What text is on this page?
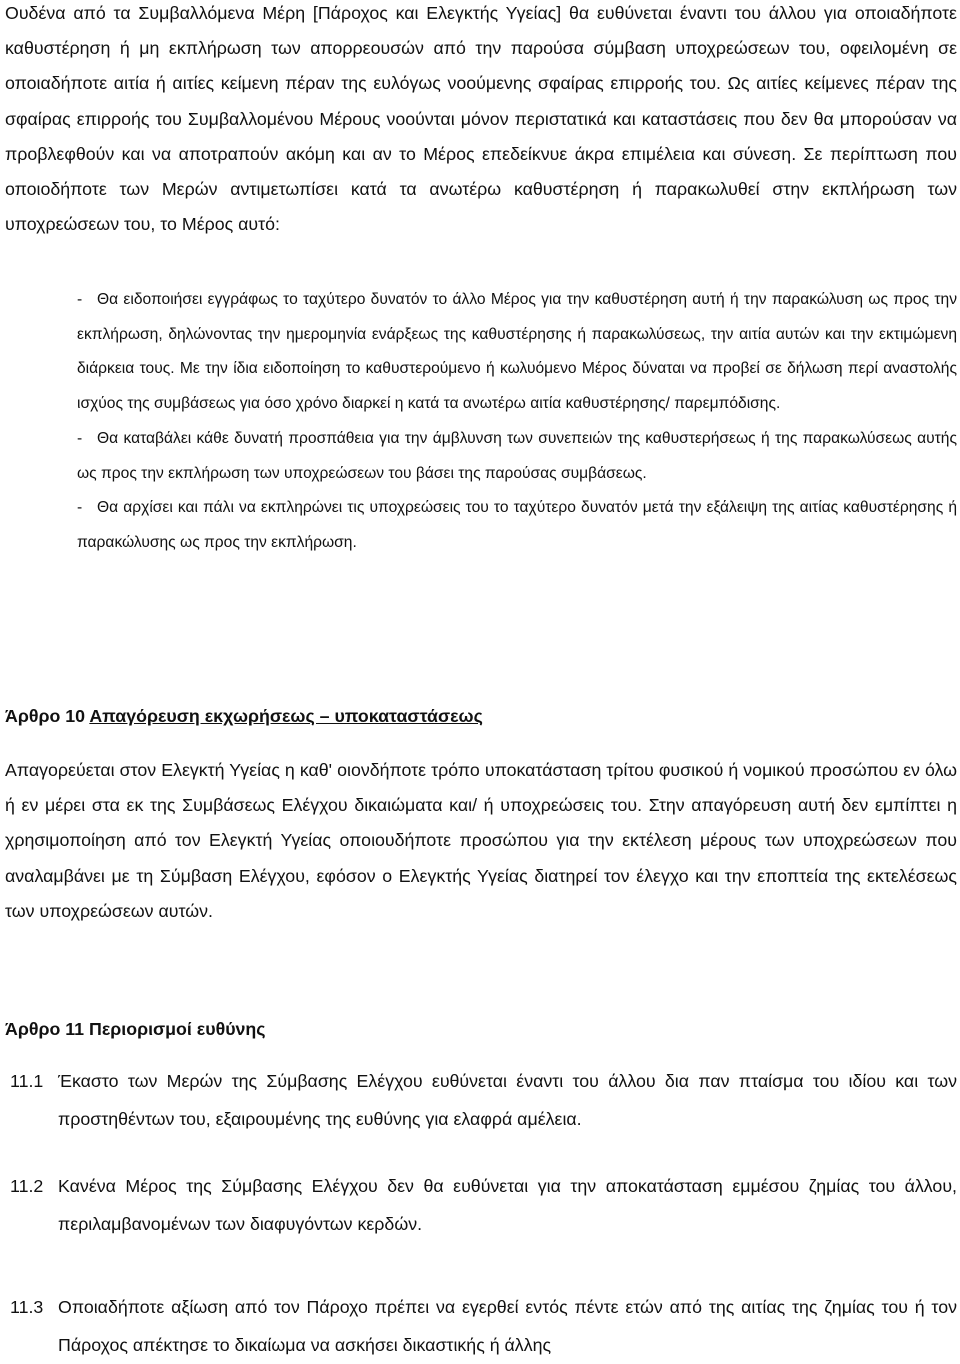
Ουδένα από τα Συμβαλλόμενα Μέρη [Πάροχος και Ελεγκτής Υγείας] θα ευθύνεται έναντι του άλλου για οποιαδήποτε καθυστέρηση ή μη εκπλήρωση των απορρεουσών από την παρούσα σύμβαση υποχρεώσεων του, οφειλομένη σε οποιαδήποτε αιτία ή αιτίες κείμενη πέραν της ευλόγως νοούμενης σφαίρας επιρροής του. Ως αιτίες κείμενες πέραν της σφαίρας επιρροής του Συμβαλλομένου Μέρους νοούνται μόνον περιστατικά και καταστάσεις που δεν θα μπορούσαν να προβλεφθούν και να αποτραπούν ακόμη και αν το Μέρος επεδείκνυε άκρα επιμέλεια και σύνεση. Σε περίπτωση που οποιοδήποτε των Μερών αντιμετωπίσει κατά τα ανωτέρω καθυστέρηση ή παρακωλυθεί στην εκπλήρωση των υποχρεώσεων του, το Μέρος αυτό:

- Θα ειδοποιήσει εγγράφως το ταχύτερο δυνατόν το άλλο Μέρος για την καθυστέρηση αυτή ή την παρακώλυση ως προς την εκπλήρωση, δηλώνοντας την ημερομηνία ενάρξεως της καθυστέρησης ή παρακωλύσεως, την αιτία αυτών και την εκτιμώμενη διάρκεια τους. Με την ίδια ειδοποίηση το καθυστερούμενο ή κωλυόμενο Μέρος δύναται να προβεί σε δήλωση περί αναστολής ισχύος της συμβάσεως για όσο χρόνο διαρκεί η κατά τα ανωτέρω αιτία καθυστέρησης/ παρεμπόδισης.
- Θα καταβάλει κάθε δυνατή προσπάθεια για την άμβλυνση των συνεπειών της καθυστερήσεως ή της παρακωλύσεως αυτής ως προς την εκπλήρωση των υποχρεώσεων του βάσει της παρούσας συμβάσεως.
- Θα αρχίσει και πάλι να εκπληρώνει τις υποχρεώσεις του το ταχύτερο δυνατόν μετά την εξάλειψη της αιτίας καθυστέρησης ή παρακώλυσης ως προς την εκπλήρωση.
Άρθρο 10 Απαγόρευση εκχωρήσεως – υποκαταστάσεως

Απαγορεύεται στον Ελεγκτή Υγείας η καθ' οιονδήποτε τρόπο υποκατάσταση τρίτου φυσικού ή νομικού προσώπου εν όλω ή εν μέρει στα εκ της Συμβάσεως Ελέγχου δικαιώματα και/ ή υποχρεώσεις του. Στην απαγόρευση αυτή δεν εμπίπτει η χρησιμοποίηση από τον Ελεγκτή Υγείας οποιουδήποτε προσώπου για την εκτέλεση μέρους των υποχρεώσεων που αναλαμβάνει με τη Σύμβαση Ελέγχου, εφόσον ο Ελεγκτής Υγείας διατηρεί τον έλεγχο και την εποπτεία της εκτελέσεως των υποχρεώσεων αυτών.

Άρθρο 11 Περιορισμοί ευθύνης
11.1 Έκαστο των Μερών της Σύμβασης Ελέγχου ευθύνεται έναντι του άλλου δια παν πταίσμα του ιδίου και των προστηθέντων του, εξαιρουμένης της ευθύνης για ελαφρά αμέλεια.
11.2 Κανένα Μέρος της Σύμβασης Ελέγχου δεν θα ευθύνεται για την αποκατάσταση εμμέσου ζημίας του άλλου, περιλαμβανομένων των διαφυγόντων κερδών.
11.3 Οποιαδήποτε αξίωση από τον Πάροχο πρέπει να εγερθεί εντός πέντε ετών από της αιτίας της ζημίας του ή τον Πάροχος απέκτησε το δικαίωμα να ασκήσει δικαστικής ή άλλης
